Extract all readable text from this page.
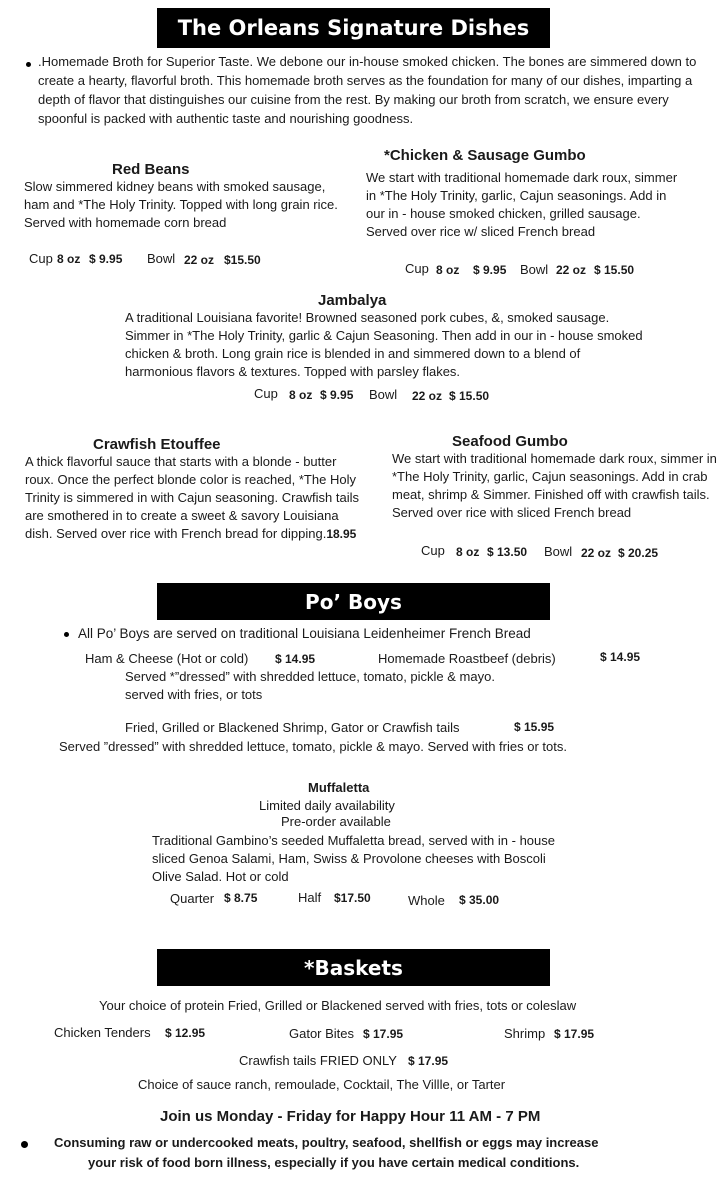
The Orleans Signature Dishes
.Homemade Broth for Superior Taste. We debone our in-house smoked chicken. The bones are simmered down to create a hearty, flavorful broth. This homemade broth serves as the foundation for many of our dishes, imparting a depth of flavor that distinguishes our cuisine from the rest. By making our broth from scratch, we ensure every spoonful is packed with authentic taste and nourishing goodness.
Red Beans
Slow simmered kidney beans with smoked sausage, ham and *The Holy Trinity. Topped with long grain rice. Served with homemade corn bread
Cup 8 oz $ 9.95 Bowl 22 oz $15.50
*Chicken & Sausage Gumbo
We start with traditional homemade dark roux, simmer in *The Holy Trinity, garlic, Cajun seasonings. Add in our in - house smoked chicken, grilled sausage. Served over rice w/ sliced French bread
Cup 8 oz $ 9.95 Bowl 22 oz $ 15.50
Jambalya
A traditional Louisiana favorite! Browned seasoned pork cubes, &, smoked sausage. Simmer in *The Holy Trinity, garlic & Cajun Seasoning. Then add in our in - house smoked chicken & broth. Long grain rice is blended in and simmered down to a blend of harmonious flavors & textures. Topped with parsley flakes.
Cup 8 oz $ 9.95 Bowl 22 oz $ 15.50
Crawfish Etouffee
A thick flavorful sauce that starts with a blonde - butter roux. Once the perfect blonde color is reached, *The Holy Trinity is simmered in with Cajun seasoning. Crawfish tails are smothered in to create a sweet & savory Louisiana dish. Served over rice with French bread for dipping.18.95
Seafood Gumbo
We start with traditional homemade dark roux, simmer in *The Holy Trinity, garlic, Cajun seasonings. Add in crab meat, shrimp & Simmer. Finished off with crawfish tails. Served over rice with sliced French bread
Cup 8 oz $ 13.50 Bowl 22 oz $ 20.25
Po’ Boys
All Po’ Boys are served on traditional Louisiana Leidenheimer French Bread
Ham & Cheese (Hot or cold) $ 14.95	Homemade Roastbeef (debris)	$ 14.95
Served *”dressed” with shredded lettuce, tomato, pickle & mayo.
served with fries, or tots
Fried, Grilled or Blackened Shrimp, Gator or Crawfish tails	$ 15.95
Served ”dressed” with shredded lettuce, tomato, pickle & mayo. Served with fries or tots.
Muffaletta
Limited daily availability
Pre-order available
Traditional Gambino’s seeded Muffaletta bread, served with in - house sliced Genoa Salami, Ham, Swiss & Provolone cheeses with Boscoli Olive Salad. Hot or cold
Quarter $ 8.75	Half $17.50	Whole $ 35.00
*Baskets
Your choice of protein Fried, Grilled or Blackened served with fries, tots or coleslaw
Chicken Tenders $ 12.95	Gator Bites $ 17.95	Shrimp $ 17.95
Crawfish tails FRIED ONLY $ 17.95
Choice of sauce ranch, remoulade, Cocktail, The Villle, or Tarter
Join us Monday - Friday for Happy Hour 11 AM - 7 PM
Consuming raw or undercooked meats, poultry, seafood, shellfish or eggs may increase
your risk of food born illness, especially if you have certain medical conditions.
